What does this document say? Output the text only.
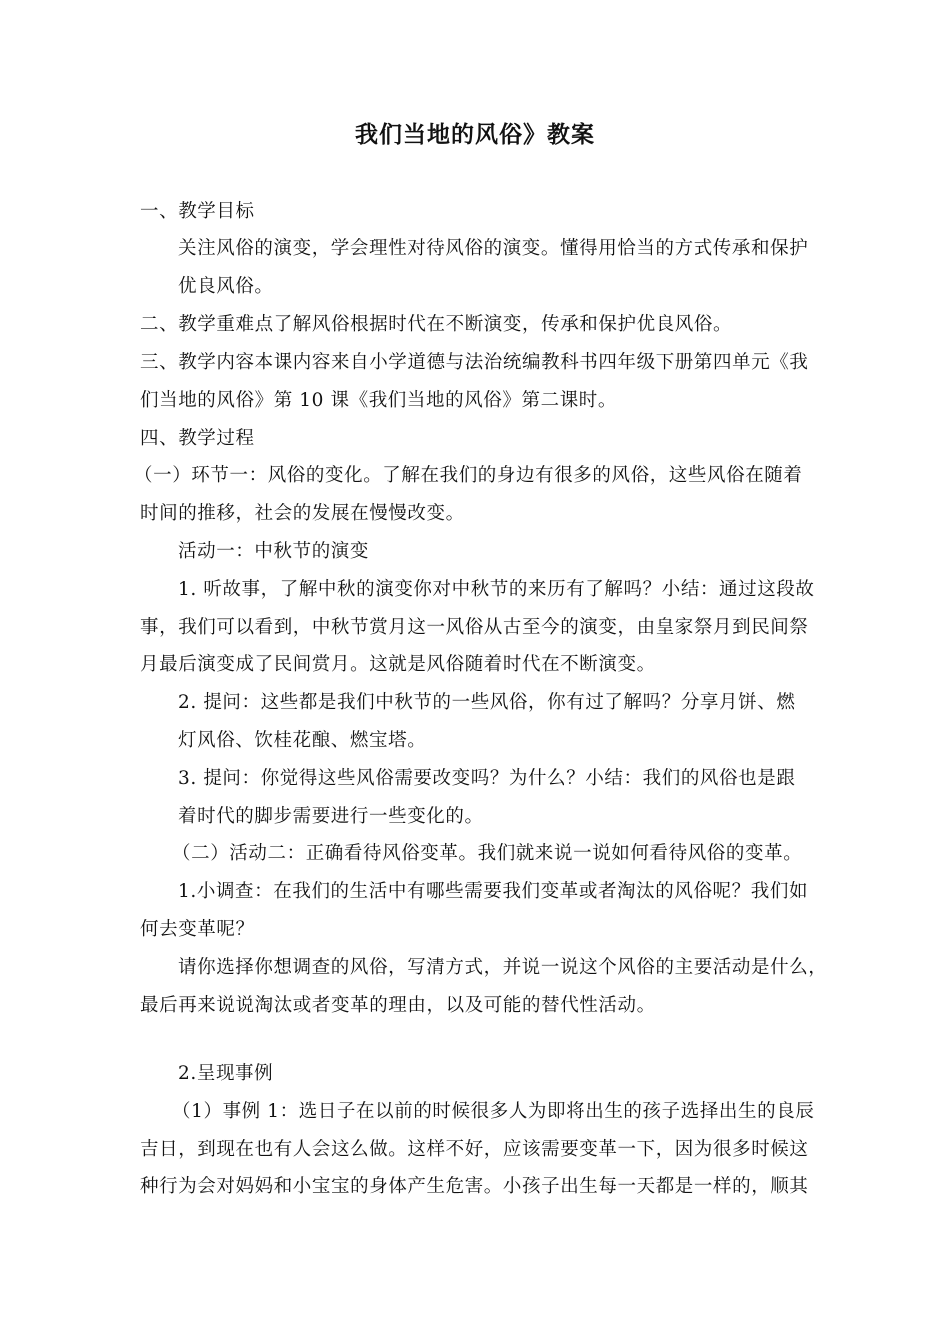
我们当地的风俗》教案
一、教学目标
关注风俗的演变，学会理性对待风俗的演变。懂得用恰当的方式传承和保护
优良风俗。
二、教学重难点了解风俗根据时代在不断演变，传承和保护优良风俗。
三、教学内容本课内容来自小学道德与法治统编教科书四年级下册第四单元《我
们当地的风俗》第 10 课《我们当地的风俗》第二课时。
四、教学过程
（一）环节一：风俗的变化。了解在我们的身边有很多的风俗，这些风俗在随着
时间的推移，社会的发展在慢慢改变。
活动一：中秋节的演变
1. 听故事，了解中秋的演变你对中秋节的来历有了解吗？小结：通过这段故
事，我们可以看到，中秋节赏月这一风俗从古至今的演变，由皇家祭月到民间祭
月最后演变成了民间赏月。这就是风俗随着时代在不断演变。
2. 提问：这些都是我们中秋节的一些风俗，你有过了解吗？分享月饼、燃
灯风俗、饮桂花酿、燃宝塔。
3. 提问：你觉得这些风俗需要改变吗？为什么？小结：我们的风俗也是跟
着时代的脚步需要进行一些变化的。
（二）活动二：正确看待风俗变革。我们就来说一说如何看待风俗的变革。
1.小调查：在我们的生活中有哪些需要我们变革或者淘汰的风俗呢？我们如
何去变革呢？
请你选择你想调查的风俗，写清方式，并说一说这个风俗的主要活动是什么，
最后再来说说淘汰或者变革的理由，以及可能的替代性活动。
2.呈现事例
（1）事例 1：选日子在以前的时候很多人为即将出生的孩子选择出生的良辰
吉日，到现在也有人会这么做。这样不好，应该需要变革一下，因为很多时候这
种行为会对妈妈和小宝宝的身体产生危害。小孩子出生每一天都是一样的，顺其
